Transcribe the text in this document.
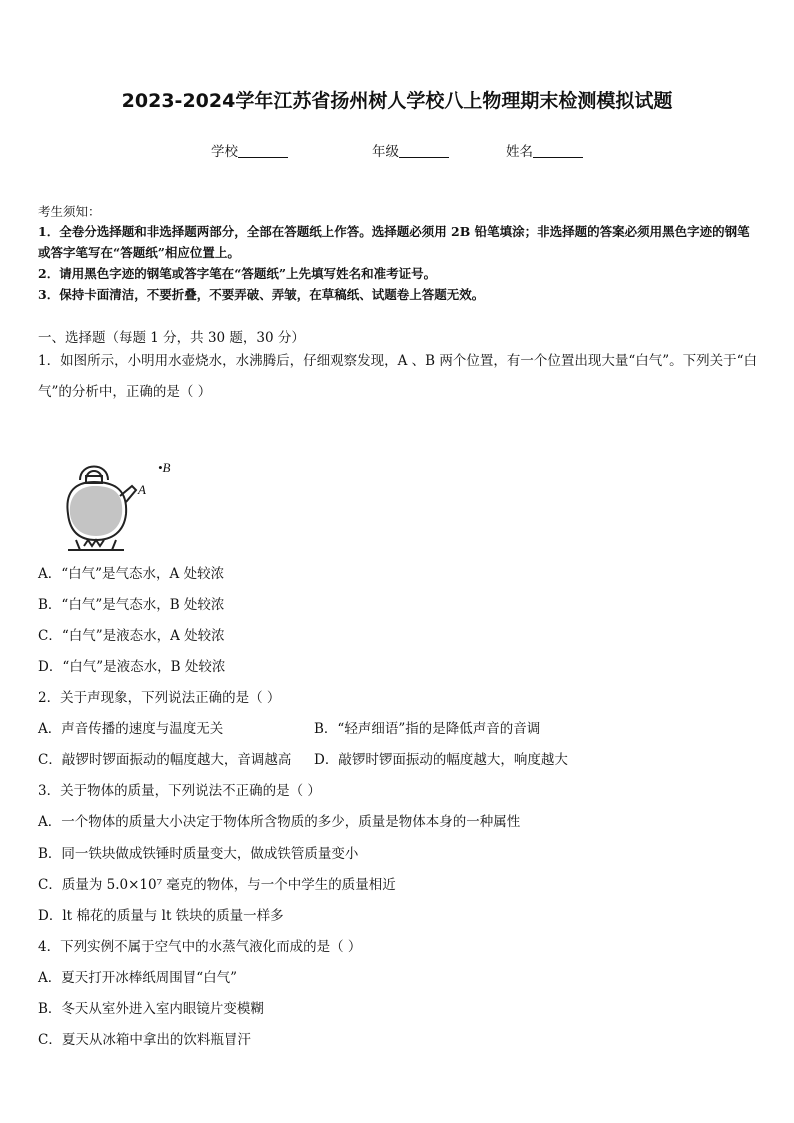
2023-2024学年江苏省扬州树人学校八上物理期末检测模拟试题
学校	年级	姓名
考生须知：
1．全卷分选择题和非选择题两部分，全部在答题纸上作答。选择题必须用 2B 铅笔填涂；非选择题的答案必须用黑色字迹的钢笔或答字笔写在“答题纸”相应位置上。
2．请用黑色字迹的钢笔或答字笔在“答题纸”上先填写姓名和准考证号。
3．保持卡面清洁，不要折叠，不要弄破、弄皱，在草稿纸、试题卷上答题无效。
一、选择题（每题 1 分，共 30 题，30 分）
1．如图所示，小明用水壶烧水，水沸腾后，仔细观察发现，A 、B 两个位置，有一个位置出现大量“白气”。下列关于“白气”的分析中，正确的是（ ）
A
•B
A．“白气”是气态水，A 处较浓
B．“白气”是气态水，B 处较浓
C．“白气”是液态水，A 处较浓
D．“白气”是液态水，B 处较浓
2．关于声现象，下列说法正确的是（ ）
A．声音传播的速度与温度无关	B．“轻声细语”指的是降低声音的音调
C．敲锣时锣面振动的幅度越大，音调越高 D．敲锣时锣面振动的幅度越大，响度越大
3．关于物体的质量，下列说法不正确的是（ ）
A．一个物体的质量大小决定于物体所含物质的多少，质量是物体本身的一种属性
B．同一铁块做成铁锤时质量变大，做成铁管质量变小
C．质量为 5.0×10⁷ 毫克的物体，与一个中学生的质量相近
D．lt 棉花的质量与 lt 铁块的质量一样多
4．下列实例不属于空气中的水蒸气液化而成的是（ ）
A．夏天打开冰棒纸周围冒“白气”
B．冬天从室外进入室内眼镜片变模糊
C．夏天从冰箱中拿出的饮料瓶冒汗
